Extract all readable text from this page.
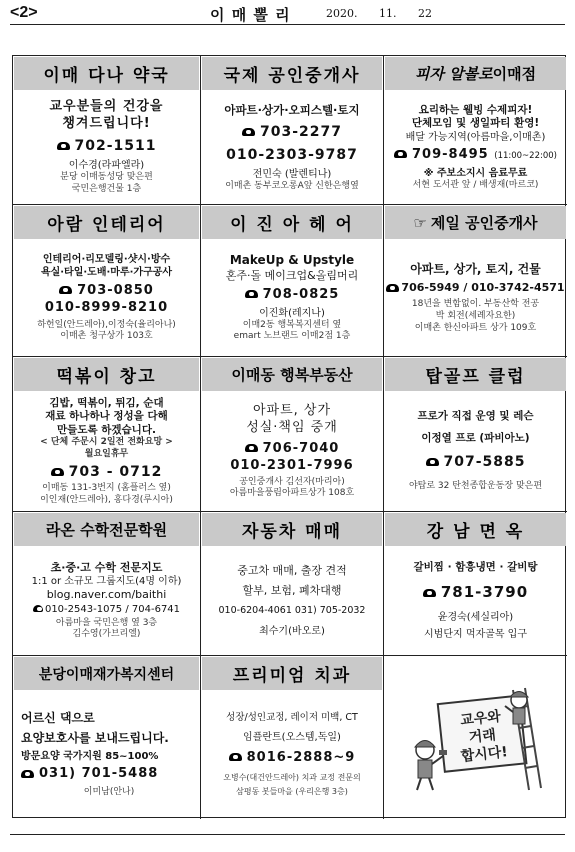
<2>	이 매 뽈 리	2020. 11. 22
이매 다나 약국
교우분들의 건강을
챙겨드립니다!
702-1511
이수경(라파엘라)
분당 이매동성당 맞은편
국민은행건물 1층
국제 공인중개사
아파트·상가·오피스텔·토지
703-2277
010-2303-9787
전민숙 (발렌티나)
이매촌 동부코오롱A앞 신한은행옆
피자 알볼로 이매점
요리하는 웰빙 수제피자!
단체모임 및 생일파티 환영!
배달 가능지역(아름마을,이매촌)
709-8495 (11:00~22:00)
※ 주보소지시 음료무료
서현 도서관 앞 / 배생재(마르코)
아람 인테리어
인테리어·리모델링·샷시·방수
욕실·타일·도배·마루·가구공사
703-0850
010-8999-8210
하헌일(안드레아),이정숙(율리아나)
이매촌 청구상가 103호
이 진 아 헤 어
MakeUp & Upstyle
혼주·돌 메이크업&올림머리
708-0825
이진화(레지나)
이매2동 행복복지센터 옆
emart 노브랜드 이매2점 1층
☞ 제일 공인중개사
아파트, 상가, 토지, 건물
706-5949 / 010-3742-4571
18년을 변함없이. 부동산학 전공
박 회전(세례자요한)
이매촌 한신아파트 상가 109호
떡볶이 창고
김밥, 떡볶이, 튀김, 순대
재료 하나하나 정성을 다해
만들도록 하겠습니다.
< 단체 주문시 2일전 전화요망 >
월요일휴무
703 - 0712
이매동 131-3번지 (홈플러스 옆)
이인재(안드레아), 홍다경(루시아)
이매동 행복부동산
아파트, 상가
성실·책임 중개
706-7040
010-2301-7996
공인중개사 김선자(마리아)
아름마을풍림아파트상가 108호
탑골프 클럽
프로가 직접 운영 및 레슨
이정열 프로 (파비아노)
707-5885
야탑로 32 탄천종합운동장 맞은편
라온 수학전문학원
초·중·고 수학 전문지도
1:1 or 소규모 그룹지도(4명 이하)
blog.naver.com/baithi
010-2543-1075 / 704-6741
아름마을 국민은행 옆 3층
김수영(가브리엘)
자동차 매매
중고차 매매, 출장 견적
할부, 보험, 폐차대행
010-6204-4061 031) 705-2032
최수기(바오로)
강 남 면 옥
갈비찜 · 함흥냉면 · 갈비탕
781-3790
윤경숙(세실리아)
시범단지 먹자골목 입구
분당이매재가복지센터
어르신 댁으로
요양보호사를 보내드립니다.
방문요양 국가지원 85~100%
031) 701-5488
이미남(안나)
프리미엄 치과
성장/성인교정, 레이저 미백, CT
임플란트(오스템,독일)
8016-2888~9
오병수(대건안드레아) 치과 교정 전문의
삼평동 봇들마을 (우리은행 3층)
교우와
거래
합시다!
